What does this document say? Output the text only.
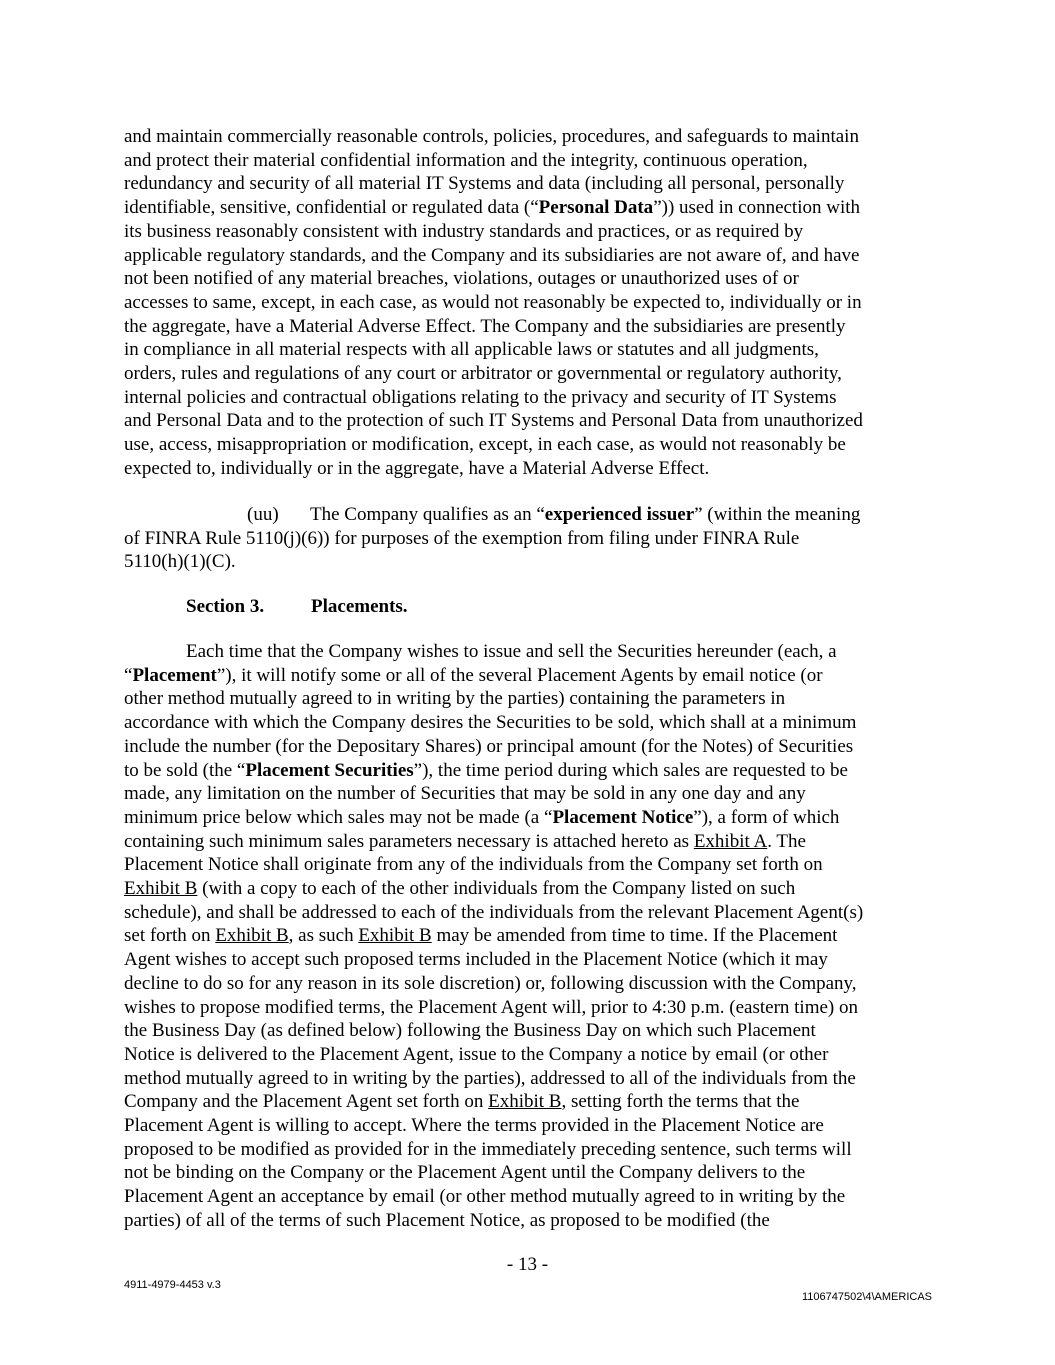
and maintain commercially reasonable controls, policies, procedures, and safeguards to maintain
and protect their material confidential information and the integrity, continuous operation,
redundancy and security of all material IT Systems and data (including all personal, personally
identifiable, sensitive, confidential or regulated data (“Personal Data”)) used in connection with
its business reasonably consistent with industry standards and practices, or as required by
applicable regulatory standards, and the Company and its subsidiaries are not aware of, and have
not been notified of any material breaches, violations, outages or unauthorized uses of or
accesses to same, except, in each case, as would not reasonably be expected to, individually or in
the aggregate, have a Material Adverse Effect. The Company and the subsidiaries are presently
in compliance in all material respects with all applicable laws or statutes and all judgments,
orders, rules and regulations of any court or arbitrator or governmental or regulatory authority,
internal policies and contractual obligations relating to the privacy and security of IT Systems
and Personal Data and to the protection of such IT Systems and Personal Data from unauthorized
use, access, misappropriation or modification, except, in each case, as would not reasonably be
expected to, individually or in the aggregate, have a Material Adverse Effect.
(uu) The Company qualifies as an “experienced issuer” (within the meaning
of FINRA Rule 5110(j)(6)) for purposes of the exemption from filing under FINRA Rule
5110(h)(1)(C).
Section 3. Placements.
Each time that the Company wishes to issue and sell the Securities hereunder (each, a
“Placement”), it will notify some or all of the several Placement Agents by email notice (or
other method mutually agreed to in writing by the parties) containing the parameters in
accordance with which the Company desires the Securities to be sold, which shall at a minimum
include the number (for the Depositary Shares) or principal amount (for the Notes) of Securities
to be sold (the “Placement Securities”), the time period during which sales are requested to be
made, any limitation on the number of Securities that may be sold in any one day and any
minimum price below which sales may not be made (a “Placement Notice”), a form of which
containing such minimum sales parameters necessary is attached hereto as Exhibit A. The
Placement Notice shall originate from any of the individuals from the Company set forth on
Exhibit B (with a copy to each of the other individuals from the Company listed on such
schedule), and shall be addressed to each of the individuals from the relevant Placement Agent(s)
set forth on Exhibit B, as such Exhibit B may be amended from time to time. If the Placement
Agent wishes to accept such proposed terms included in the Placement Notice (which it may
decline to do so for any reason in its sole discretion) or, following discussion with the Company,
wishes to propose modified terms, the Placement Agent will, prior to 4:30 p.m. (eastern time) on
the Business Day (as defined below) following the Business Day on which such Placement
Notice is delivered to the Placement Agent, issue to the Company a notice by email (or other
method mutually agreed to in writing by the parties), addressed to all of the individuals from the
Company and the Placement Agent set forth on Exhibit B, setting forth the terms that the
Placement Agent is willing to accept. Where the terms provided in the Placement Notice are
proposed to be modified as provided for in the immediately preceding sentence, such terms will
not be binding on the Company or the Placement Agent until the Company delivers to the
Placement Agent an acceptance by email (or other method mutually agreed to in writing by the
parties) of all of the terms of such Placement Notice, as proposed to be modified (the
- 13 -
4911-4979-4453 v.3
1106747502\4\AMERICAS
